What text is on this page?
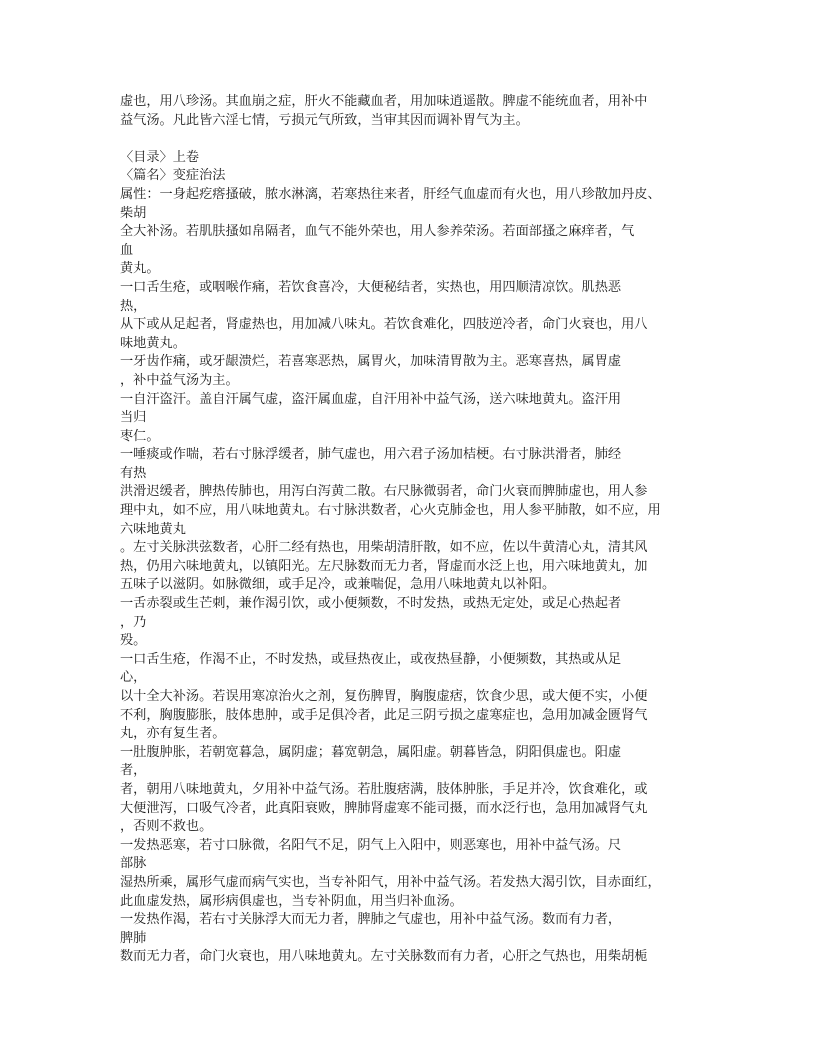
虚也，用八珍汤。其血崩之症，肝火不能藏血者，用加味逍遥散。脾虚不能统血者，用补中
益气汤。凡此皆六淫七情，亏损元气所致，当审其因而调补胃气为主。
〈目录〉上卷
〈篇名〉变症治法
属性：一身起疙瘩搔破，脓水淋漓，若寒热往来者，肝经气血虚而有火也，用八珍散加丹皮、
柴胡
全大补汤。若肌肤搔如帛隔者，血气不能外荣也，用人参养荣汤。若面部搔之麻痒者，气
血
黄丸。
一口舌生疮，或咽喉作痛，若饮食喜冷，大便秘结者，实热也，用四顺清凉饮。肌热恶
热，
从下或从足起者，肾虚热也，用加减八味丸。若饮食难化，四肢逆冷者，命门火衰也，用八
味地黄丸。
一牙齿作痛，或牙龈溃烂，若喜寒恶热，属胃火，加味清胃散为主。恶寒喜热，属胃虚
，补中益气汤为主。
一自汗盗汗。盖自汗属气虚，盗汗属血虚，自汗用补中益气汤，送六味地黄丸。盗汗用
当归
枣仁。
一唾痰或作喘，若右寸脉浮缓者，肺气虚也，用六君子汤加桔梗。右寸脉洪滑者，肺经
有热
洪滑迟缓者，脾热传肺也，用泻白泻黄二散。右尺脉微弱者，命门火衰而脾肺虚也，用人参
理中丸，如不应，用八味地黄丸。右寸脉洪数者，心火克肺金也，用人参平肺散，如不应，用
六味地黄丸
。左寸关脉洪弦数者，心肝二经有热也，用柴胡清肝散，如不应，佐以牛黄清心丸，清其风
热，仍用六味地黄丸，以镇阳光。左尺脉数而无力者，肾虚而水泛上也，用六味地黄丸，加
五味子以滋阴。如脉微细，或手足冷，或兼喘促，急用八味地黄丸以补阳。
一舌赤裂或生芒刺，兼作渴引饮，或小便频数，不时发热，或热无定处，或足心热起者
，乃
殁。
一口舌生疮，作渴不止，不时发热，或昼热夜止，或夜热昼静，小便频数，其热或从足
心，
以十全大补汤。若误用寒凉治火之剂，复伤脾胃，胸腹虚痞，饮食少思，或大便不实，小便
不利，胸腹膨胀，肢体患肿，或手足俱冷者，此足三阴亏损之虚寒症也，急用加减金匮肾气
丸，亦有复生者。
一肚腹肿胀，若朝宽暮急，属阴虚；暮宽朝急，属阳虚。朝暮皆急，阴阳俱虚也。阳虚
者，
者，朝用八味地黄丸，夕用补中益气汤。若肚腹痞满，肢体肿胀，手足并冷，饮食难化，或
大便泄泻，口吸气冷者，此真阳衰败，脾肺肾虚寒不能司摄，而水泛行也，急用加减肾气丸
，否则不救也。
一发热恶寒，若寸口脉微，名阳气不足，阴气上入阳中，则恶寒也，用补中益气汤。尺
部脉
湿热所乘，属形气虚而病气实也，当专补阳气，用补中益气汤。若发热大渴引饮，目赤面红，
此血虚发热，属形病俱虚也，当专补阴血，用当归补血汤。
一发热作渴，若右寸关脉浮大而无力者，脾肺之气虚也，用补中益气汤。数而有力者，
脾肺
数而无力者，命门火衰也，用八味地黄丸。左寸关脉数而有力者，心肝之气热也，用柴胡栀
